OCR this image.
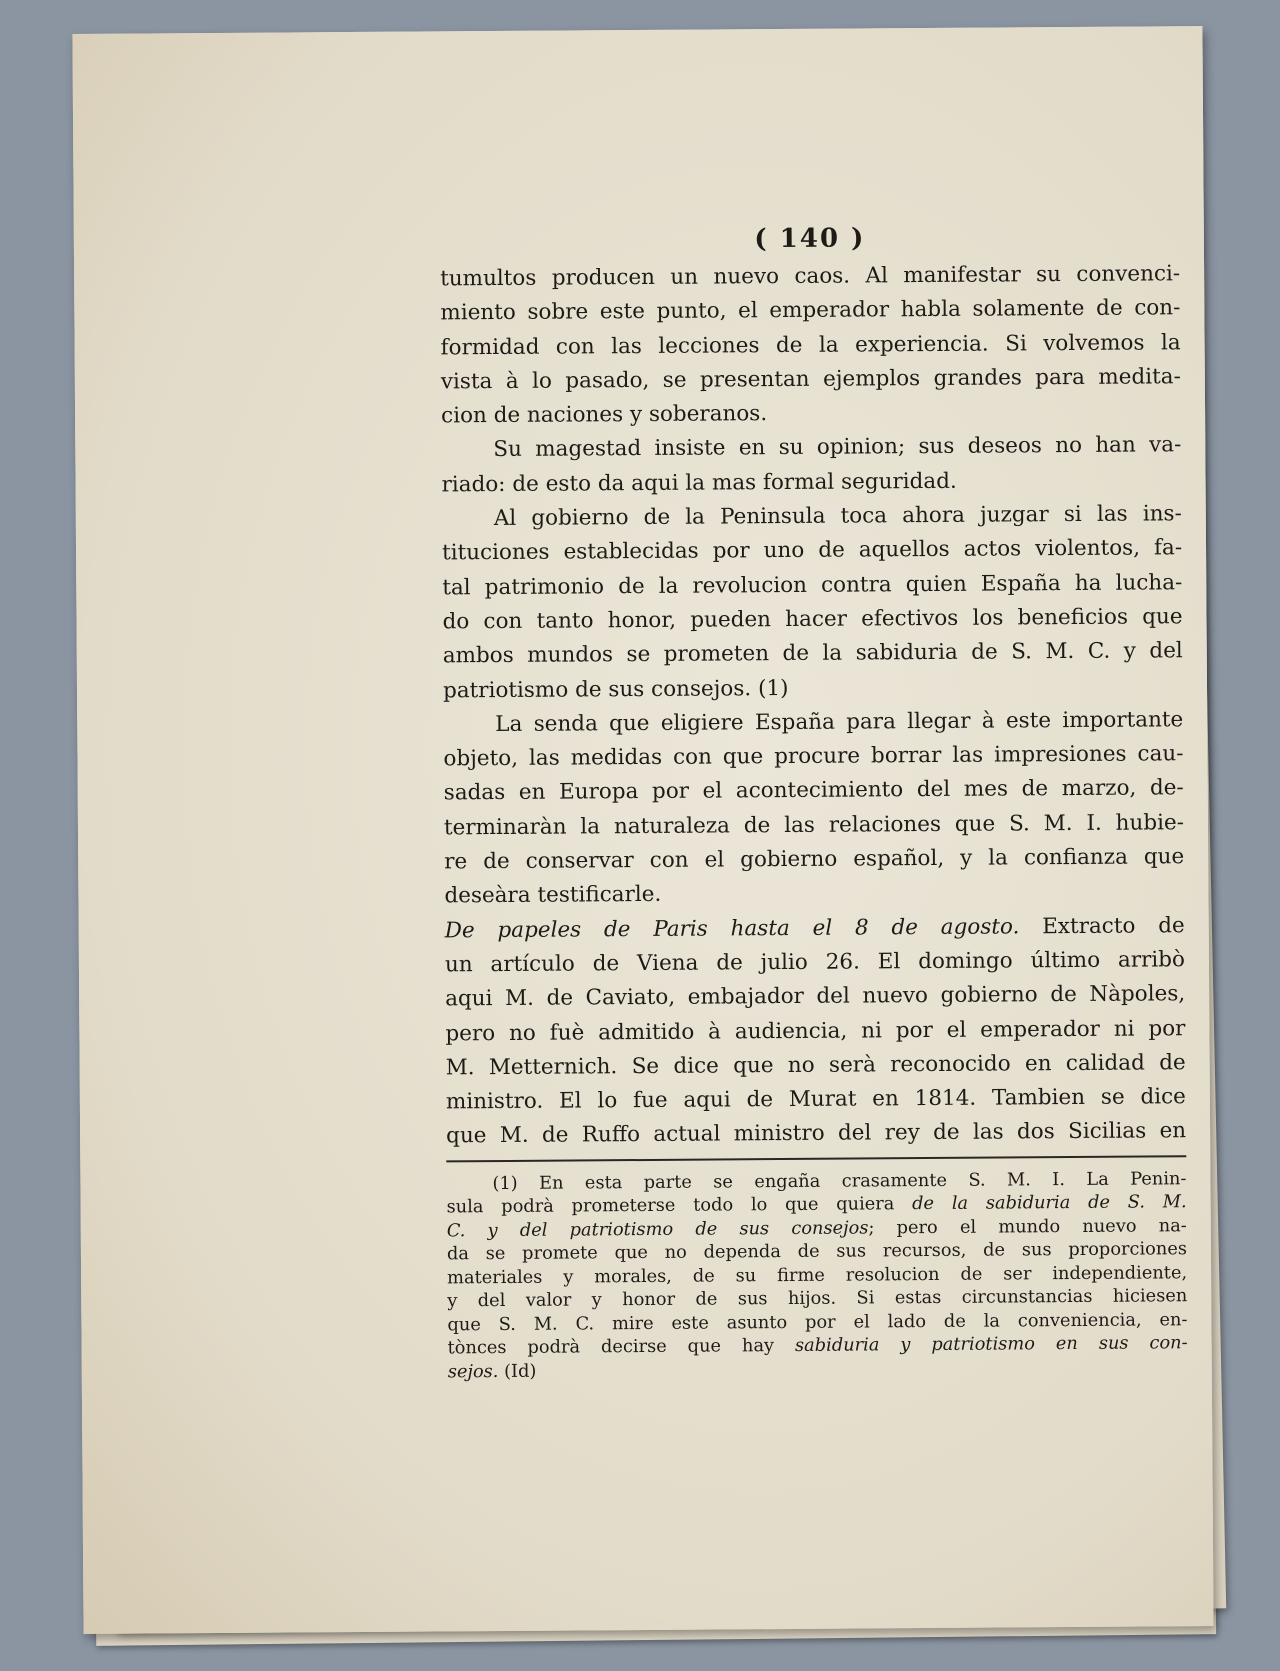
( 140 )
tumultos producen un nuevo caos. Al manifestar su convenci-
miento sobre este punto, el emperador habla solamente de con-
formidad con las lecciones de la experiencia. Si volvemos la
vista à lo pasado, se presentan ejemplos grandes para medita-
cion de naciones y soberanos.
Su magestad insiste en su opinion; sus deseos no han va-
riado: de esto da aqui la mas formal seguridad.
Al gobierno de la Peninsula toca ahora juzgar si las ins-
tituciones establecidas por uno de aquellos actos violentos, fa-
tal patrimonio de la revolucion contra quien España ha lucha-
do con tanto honor, pueden hacer efectivos los beneficios que
ambos mundos se prometen de la sabiduria de S. M. C. y del
patriotismo de sus consejos. (1)
La senda que eligiere España para llegar à este importante
objeto, las medidas con que procure borrar las impresiones cau-
sadas en Europa por el acontecimiento del mes de marzo, de-
terminaràn la naturaleza de las relaciones que S. M. I. hubie-
re de conservar con el gobierno español, y la confianza que
deseàra testificarle.
De papeles de Paris hasta el 8 de agosto. Extracto de
un artículo de Viena de julio 26. El domingo último arribò
aqui M. de Caviato, embajador del nuevo gobierno de Nàpoles,
pero no fuè admitido à audiencia, ni por el emperador ni por
M. Metternich. Se dice que no serà reconocido en calidad de
ministro. El lo fue aqui de Murat en 1814. Tambien se dice
que M. de Ruffo actual ministro del rey de las dos Sicilias en
(1) En esta parte se engaña crasamente S. M. I. La Penin-
sula podrà prometerse todo lo que quiera de la sabiduria de S. M.
C. y del patriotismo de sus consejos; pero el mundo nuevo na-
da se promete que no dependa de sus recursos, de sus proporciones
materiales y morales, de su firme resolucion de ser independiente,
y del valor y honor de sus hijos. Si estas circunstancias hiciesen
que S. M. C. mire este asunto por el lado de la conveniencia, en-
tònces podrà decirse que hay sabiduria y patriotismo en sus con-
sejos. (Id)
